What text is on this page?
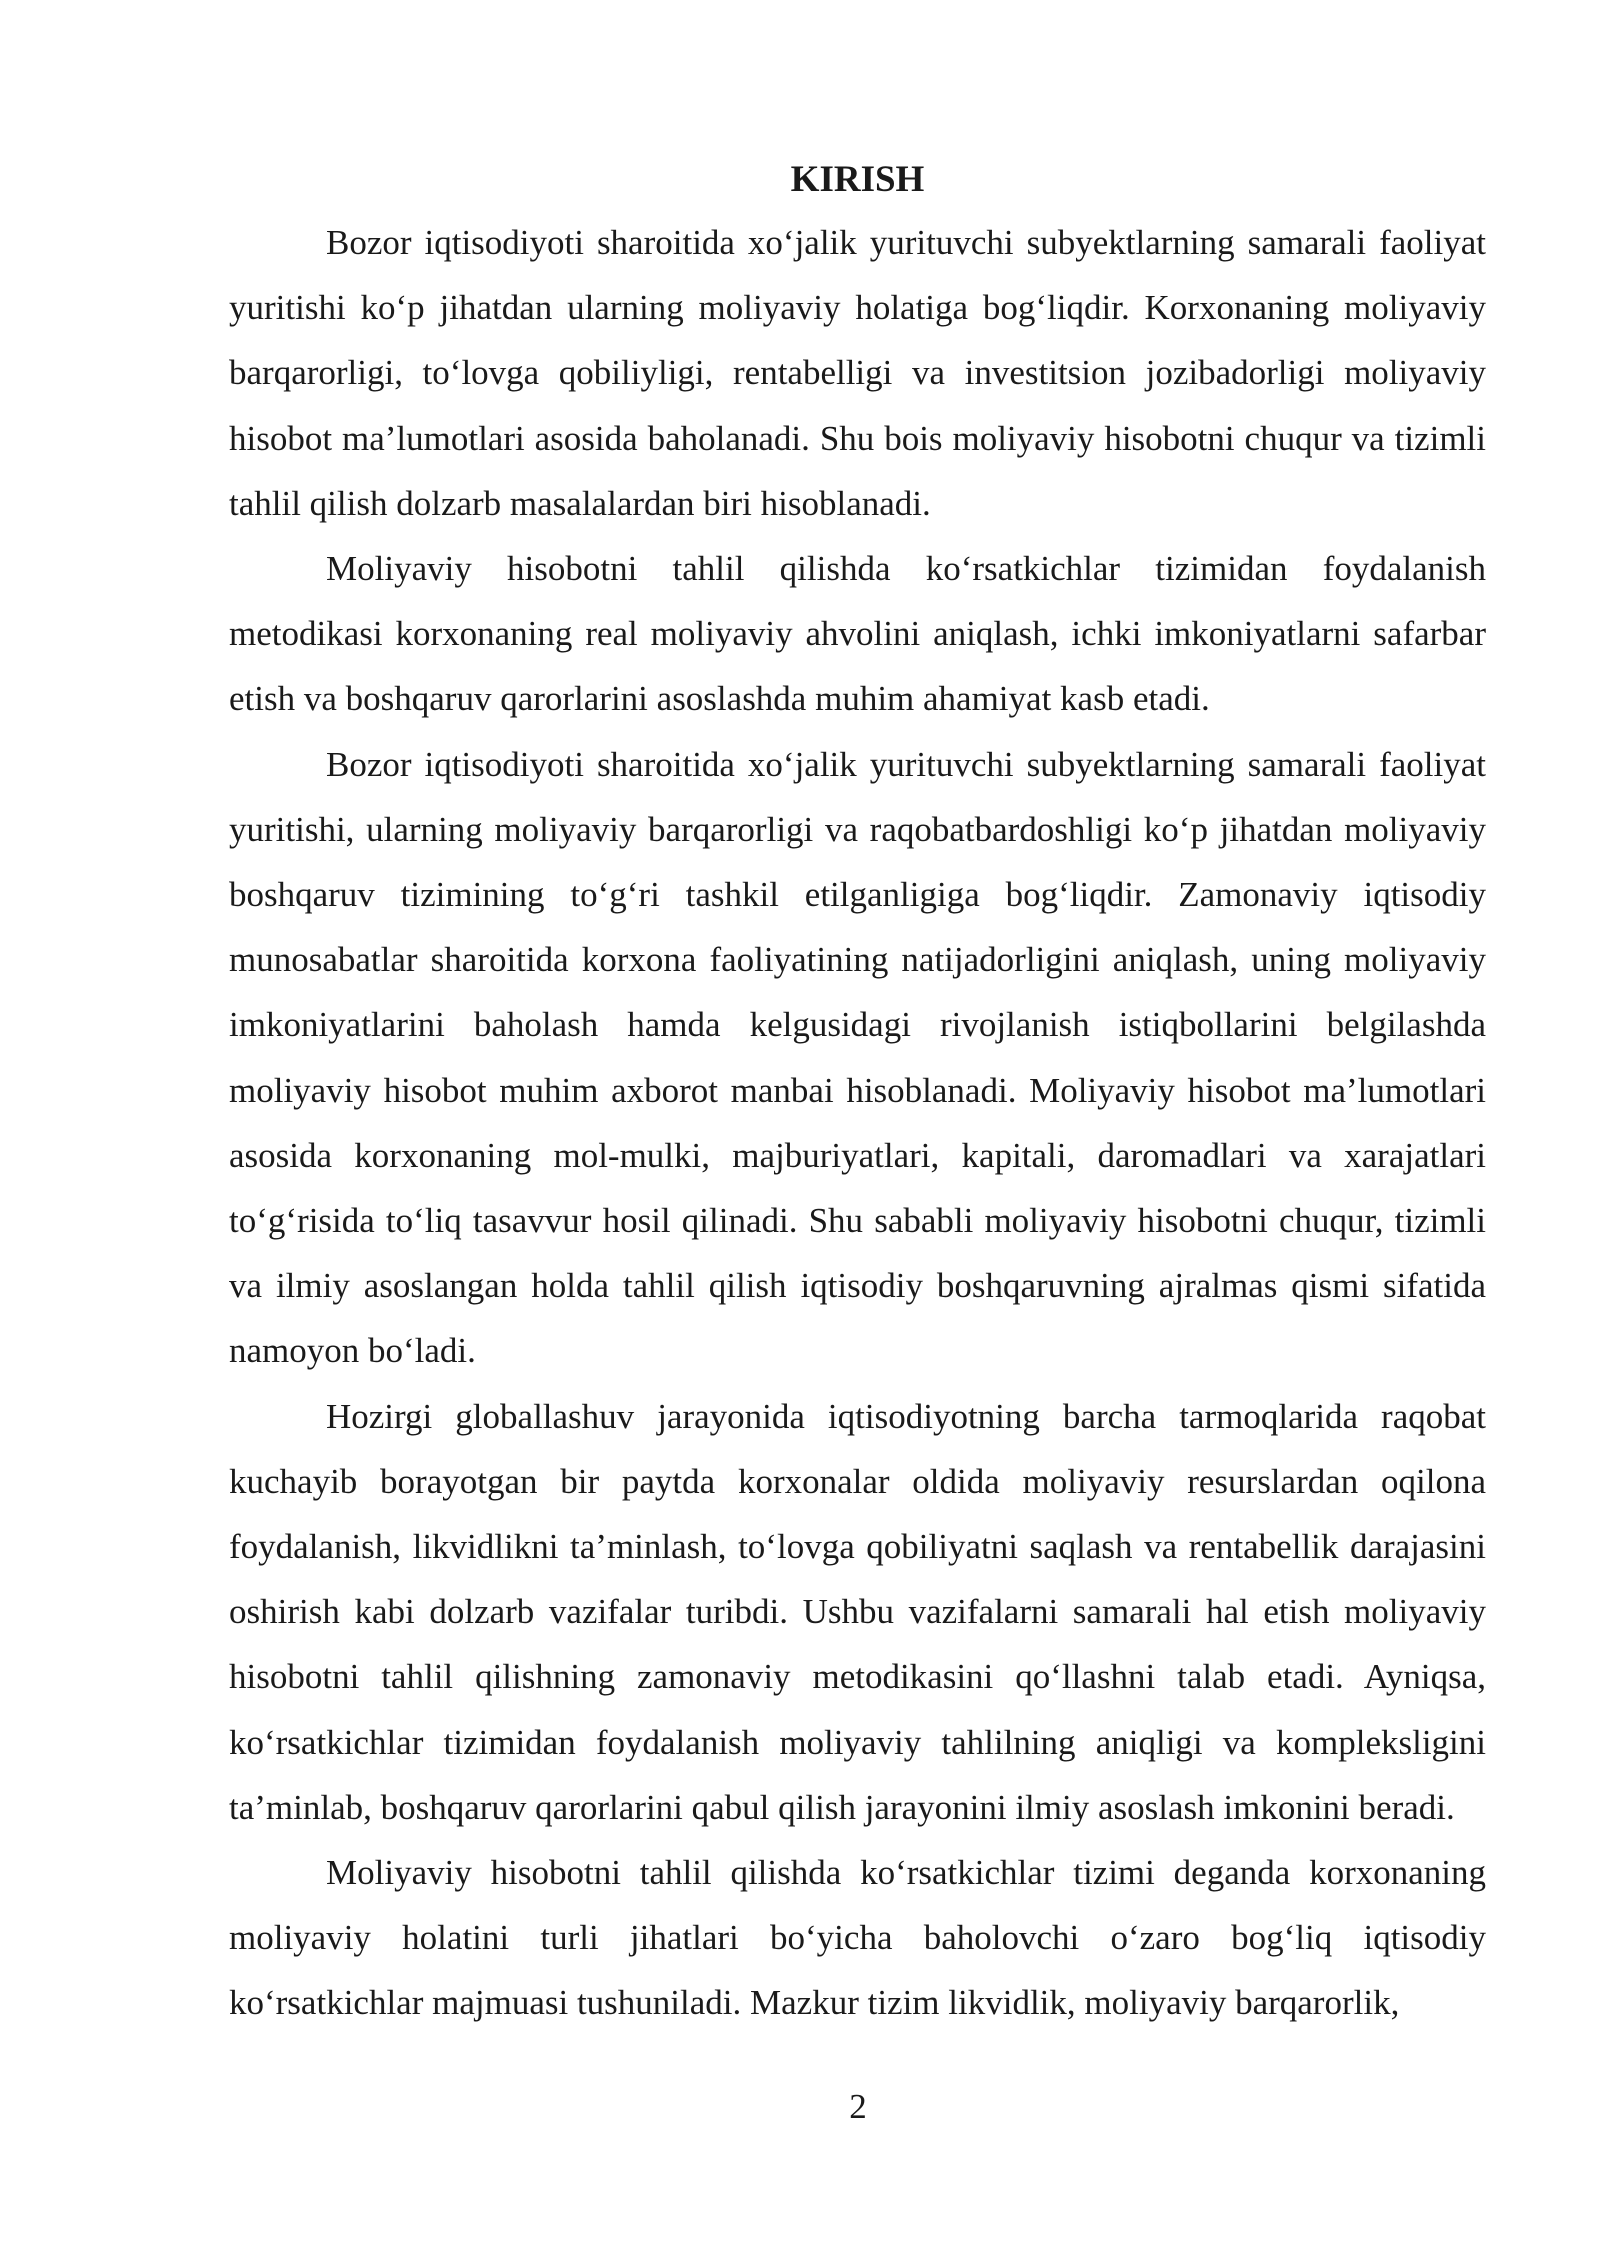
KIRISH

Bozor iqtisodiyoti sharoitida xo‘jalik yurituvchi subyektlarning samarali faoliyat yuritishi ko‘p jihatdan ularning moliyaviy holatiga bog‘liqdir. Korxonaning moliyaviy barqarorligi, to‘lovga qobiliyligi, rentabelligi va investitsion jozibadorligi moliyaviy hisobot ma’lumotlari asosida baholanadi. Shu bois moliyaviy hisobotni chuqur va tizimli tahlil qilish dolzarb masalalardan biri hisoblanadi.

Moliyaviy hisobotni tahlil qilishda ko‘rsatkichlar tizimidan foydalanish metodikasi korxonaning real moliyaviy ahvolini aniqlash, ichki imkoniyatlarni safarbar etish va boshqaruv qarorlarini asoslashda muhim ahamiyat kasb etadi.

Bozor iqtisodiyoti sharoitida xo‘jalik yurituvchi subyektlarning samarali faoliyat yuritishi, ularning moliyaviy barqarorligi va raqobatbardoshligi ko‘p jihatdan moliyaviy boshqaruv tizimining to‘g‘ri tashkil etilganligiga bog‘liqdir. Zamonaviy iqtisodiy munosabatlar sharoitida korxona faoliyatining natijadorligini aniqlash, uning moliyaviy imkoniyatlarini baholash hamda kelgusidagi rivojlanish istiqbollarini belgilashda moliyaviy hisobot muhim axborot manbai hisoblanadi. Moliyaviy hisobot ma’lumotlari asosida korxonaning mol-mulki, majburiyatlari, kapitali, daromadlari va xarajatlari to‘g‘risida to‘liq tasavvur hosil qilinadi. Shu sababli moliyaviy hisobotni chuqur, tizimli va ilmiy asoslangan holda tahlil qilish iqtisodiy boshqaruvning ajralmas qismi sifatida namoyon bo‘ladi.

Hozirgi globallashuv jarayonida iqtisodiyotning barcha tarmoqlarida raqobat kuchayib borayotgan bir paytda korxonalar oldida moliyaviy resurslardan oqilona foydalanish, likvidlikni ta’minlash, to‘lovga qobiliyatni saqlash va rentabellik darajasini oshirish kabi dolzarb vazifalar turibdi. Ushbu vazifalarni samarali hal etish moliyaviy hisobotni tahlil qilishning zamonaviy metodikasini qo‘llashni talab etadi. Ayniqsa, ko‘rsatkichlar tizimidan foydalanish moliyaviy tahlilning aniqligi va kompleksligini ta’minlab, boshqaruv qarorlarini qabul qilish jarayonini ilmiy asoslash imkonini beradi.

Moliyaviy hisobotni tahlil qilishda ko‘rsatkichlar tizimi deganda korxonaning moliyaviy holatini turli jihatlari bo‘yicha baholovchi o‘zaro bog‘liq iqtisodiy ko‘rsatkichlar majmuasi tushuniladi. Mazkur tizim likvidlik, moliyaviy barqarorlik,

2
